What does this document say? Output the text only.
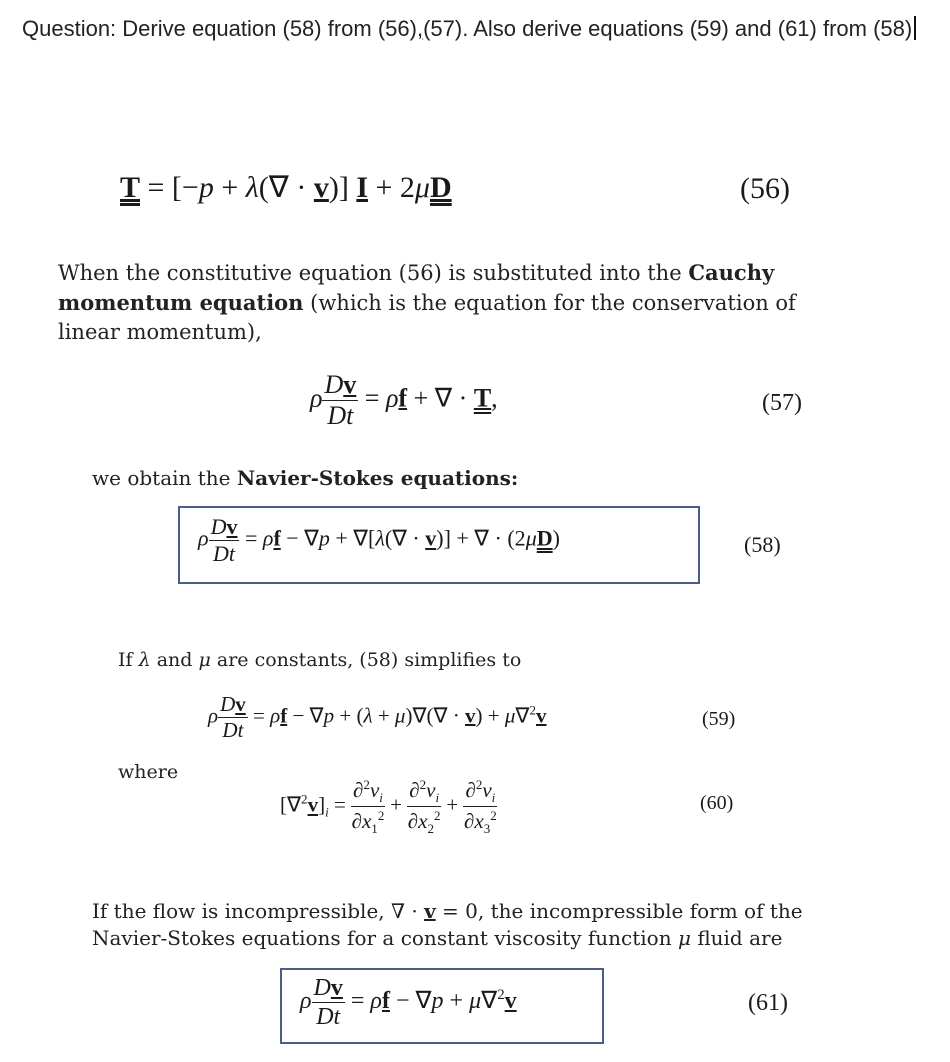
Question: Derive equation (58) from (56),(57). Also derive equations (59) and (61) from (58)
T = [−p + λ(∇ · v)] I + 2μD	(56)
When the constitutive equation (56) is substituted into the Cauchy momentum equation (which is the equation for the conservation of linear momentum),
ρ $\frac{Dv}{Dt} = \rho f$ + ∇ · T,	(57)
we obtain the Navier-Stokes equations:
ρ $\frac{Dv}{Dt} = \rho f - \nabla p + \nabla[\lambda(\nabla \cdot v)]$ + ∇ · (2μD)	(58)
If λ and μ are constants, (58) simplifies to
ρ $\frac{Dv}{Dt} = \rho f - \nabla p + (\lambda + \mu)\nabla(\nabla \cdot v) + \mu\nabla^2v$	(59)
where
$[\nabla^2v]_i = \frac{\partial^2v_i}{\partial x_1^2} + \frac{\partial^2v_i}{\partial x_2^2} + \frac{\partial^2v_i}{\partial x_3^2}$	(60)
If the flow is incompressible, ∇ · v = 0, the incompressible form of the Navier-Stokes equations for a constant viscosity function μ fluid are
ρ $\frac{Dv}{Dt} = \rho f - \nabla p + \mu\nabla^2v$	(61)
